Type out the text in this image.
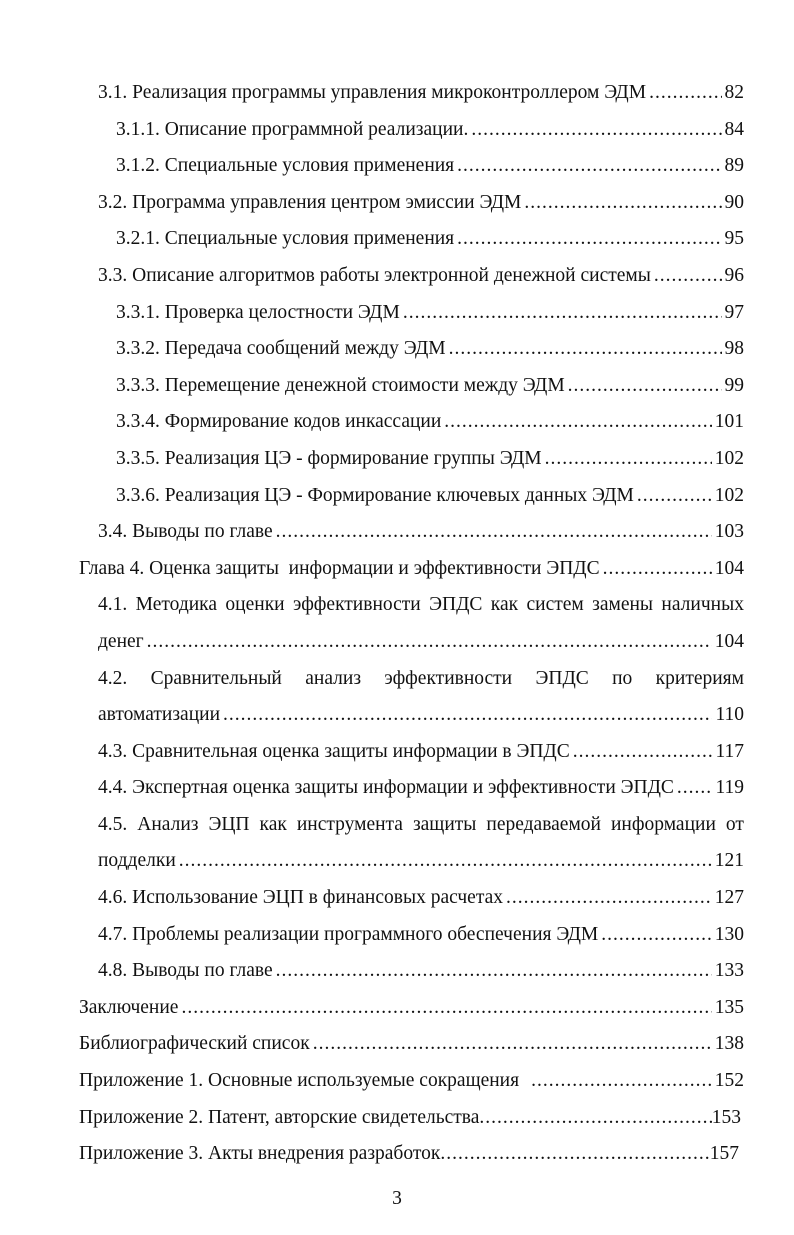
3.1. Реализация программы управления микроконтроллером ЭДМ .....	82
3.1.1. Описание программной реализации. .....	84
3.1.2. Специальные условия применения .....	89
3.2. Программа управления центром эмиссии ЭДМ .....	90
3.2.1. Специальные условия применения .....	95
3.3. Описание алгоритмов работы электронной денежной системы .....	96
3.3.1. Проверка целостности ЭДМ .....	97
3.3.2. Передача сообщений между ЭДМ .....	98
3.3.3. Перемещение денежной стоимости между ЭДМ .....	99
3.3.4. Формирование кодов инкассации .....	101
3.3.5. Реализация ЦЭ - формирование группы ЭДМ .....	102
3.3.6. Реализация ЦЭ - Формирование ключевых данных ЭДМ .....	102
3.4. Выводы по главе .....	103
Глава 4. Оценка защиты  информации и эффективности ЭПДС .....	104
4.1. Методика оценки эффективности ЭПДС как систем замены наличных
денег .....	104
4.2. Сравнительный анализ эффективности ЭПДС по критериям
автоматизации .....	110
4.3. Сравнительная оценка защиты информации в ЭПДС .....	117
4.4. Экспертная оценка защиты информации и эффективности ЭПДС ..... 119
4.5. Анализ ЭЦП как инструмента защиты передаваемой информации от
подделки .....	121
4.6. Использование ЭЦП в финансовых расчетах .....	127
4.7. Проблемы реализации программного обеспечения ЭДМ .....	130
4.8. Выводы по главе .....	133
Заключение .....	135
Библиографический список .....	138
Приложение 1. Основные используемые сокращения .....	152
Приложение 2. Патент, авторские свидетельства .....	153
Приложение 3. Акты внедрения разработок .....	157
3
